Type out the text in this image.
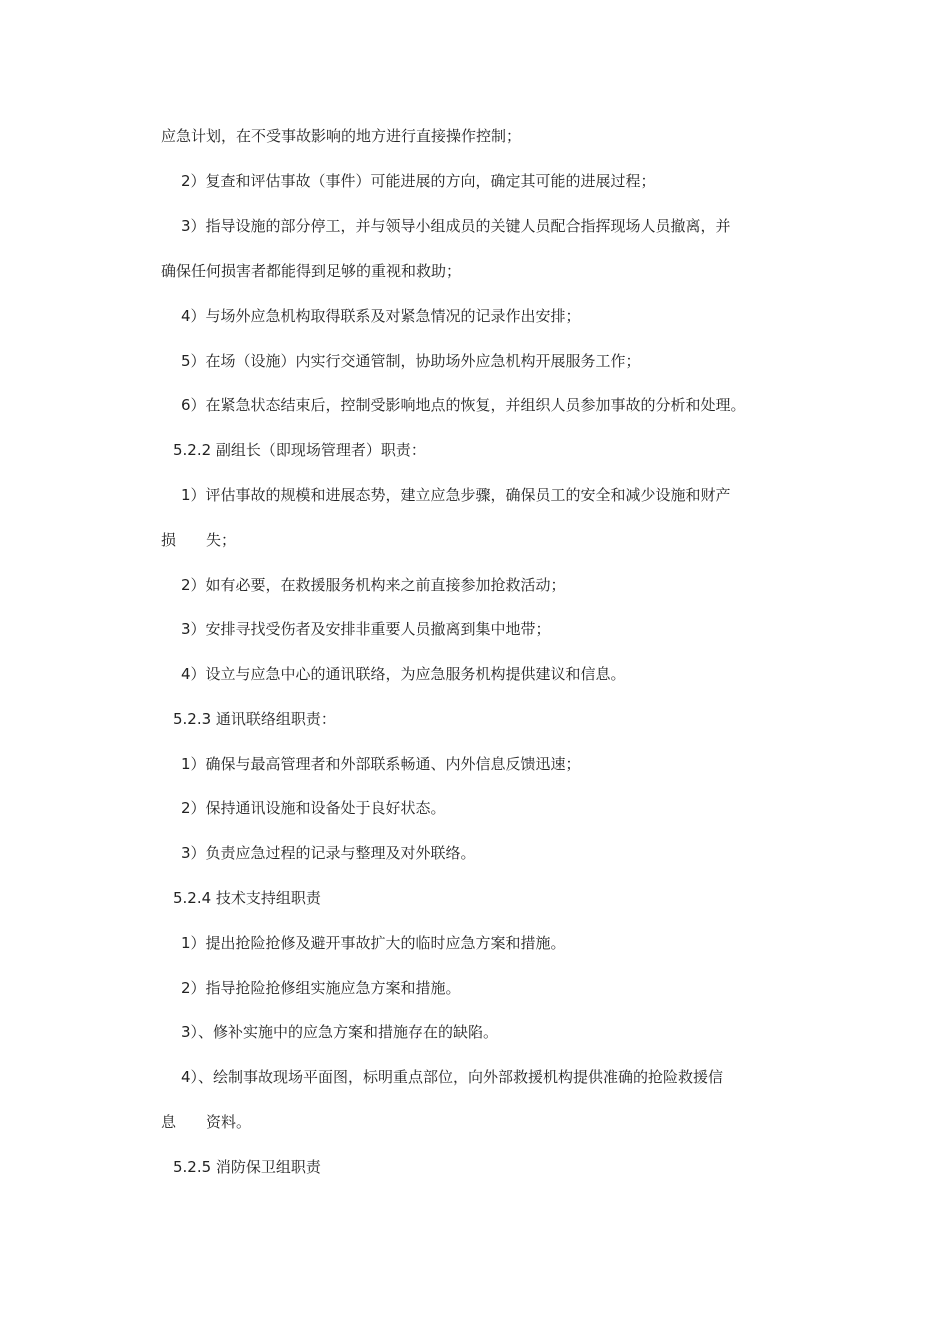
应急计划，在不受事故影响的地方进行直接操作控制；
2）复查和评估事故（事件）可能进展的方向，确定其可能的进展过程；
3）指导设施的部分停工，并与领导小组成员的关键人员配合指挥现场人员撤离，并
确保任何损害者都能得到足够的重视和救助；
4）与场外应急机构取得联系及对紧急情况的记录作出安排；
5）在场（设施）内实行交通管制，协助场外应急机构开展服务工作；
6）在紧急状态结束后，控制受影响地点的恢复，并组织人员参加事故的分析和处理。
5.2.2 副组长（即现场管理者）职责：
1）评估事故的规模和进展态势，建立应急步骤，确保员工的安全和减少设施和财产
损　　失；
2）如有必要，在救援服务机构来之前直接参加抢救活动；
3）安排寻找受伤者及安排非重要人员撤离到集中地带；
4）设立与应急中心的通讯联络，为应急服务机构提供建议和信息。
5.2.3 通讯联络组职责：
1）确保与最高管理者和外部联系畅通、内外信息反馈迅速；
2）保持通讯设施和设备处于良好状态。
3）负责应急过程的记录与整理及对外联络。
5.2.4 技术支持组职责
1）提出抢险抢修及避开事故扩大的临时应急方案和措施。
2）指导抢险抢修组实施应急方案和措施。
3）、修补实施中的应急方案和措施存在的缺陷。
4）、绘制事故现场平面图，标明重点部位，向外部救援机构提供准确的抢险救援信
息　　资料。
5.2.5 消防保卫组职责
